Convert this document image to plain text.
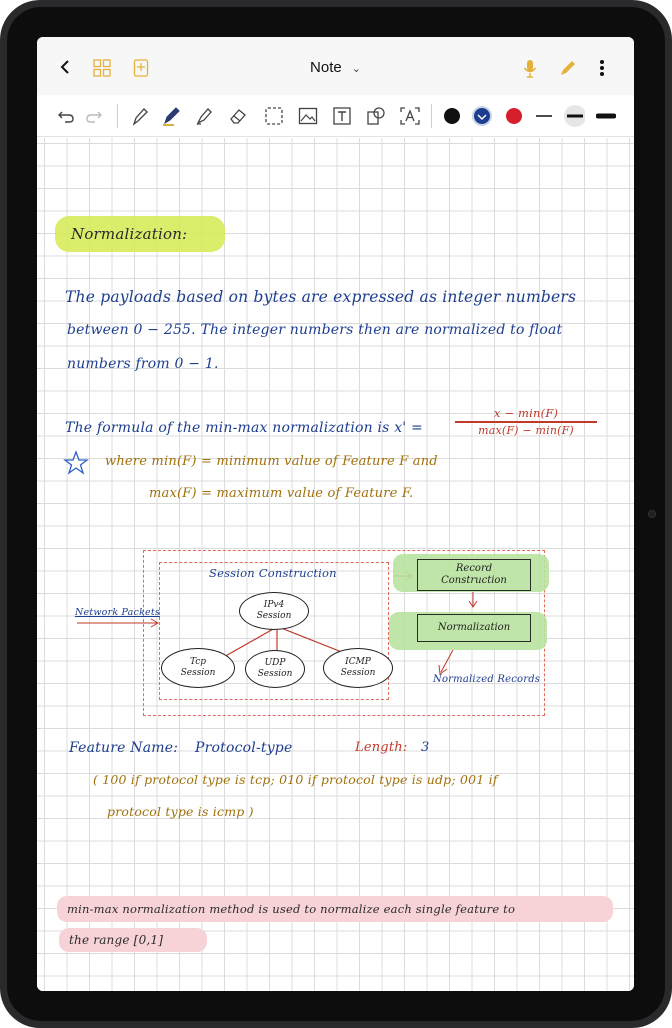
Note ⌄
Normalization:
The payloads based on bytes are expressed as integer numbers
between 0 − 255. The integer numbers then are normalized to float
numbers from 0 − 1.
The formula of the min-max normalization is x' =
x − min(F)
max(F) − min(F)
where min(F) = minimum value of Feature F and
max(F) = maximum value of Feature F.
Session Construction
Network Packets
IPv4
Session
Tcp
Session
UDP
Session
ICMP
Session
Record
Construction
Normalization
Normalized Records
Feature Name: Protocol-type	Length: 3
( 100 if protocol type is tcp; 010 if protocol type is udp; 001 if
protocol type is icmp )
min-max normalization method is used to normalize each single feature to
the range [0,1]
